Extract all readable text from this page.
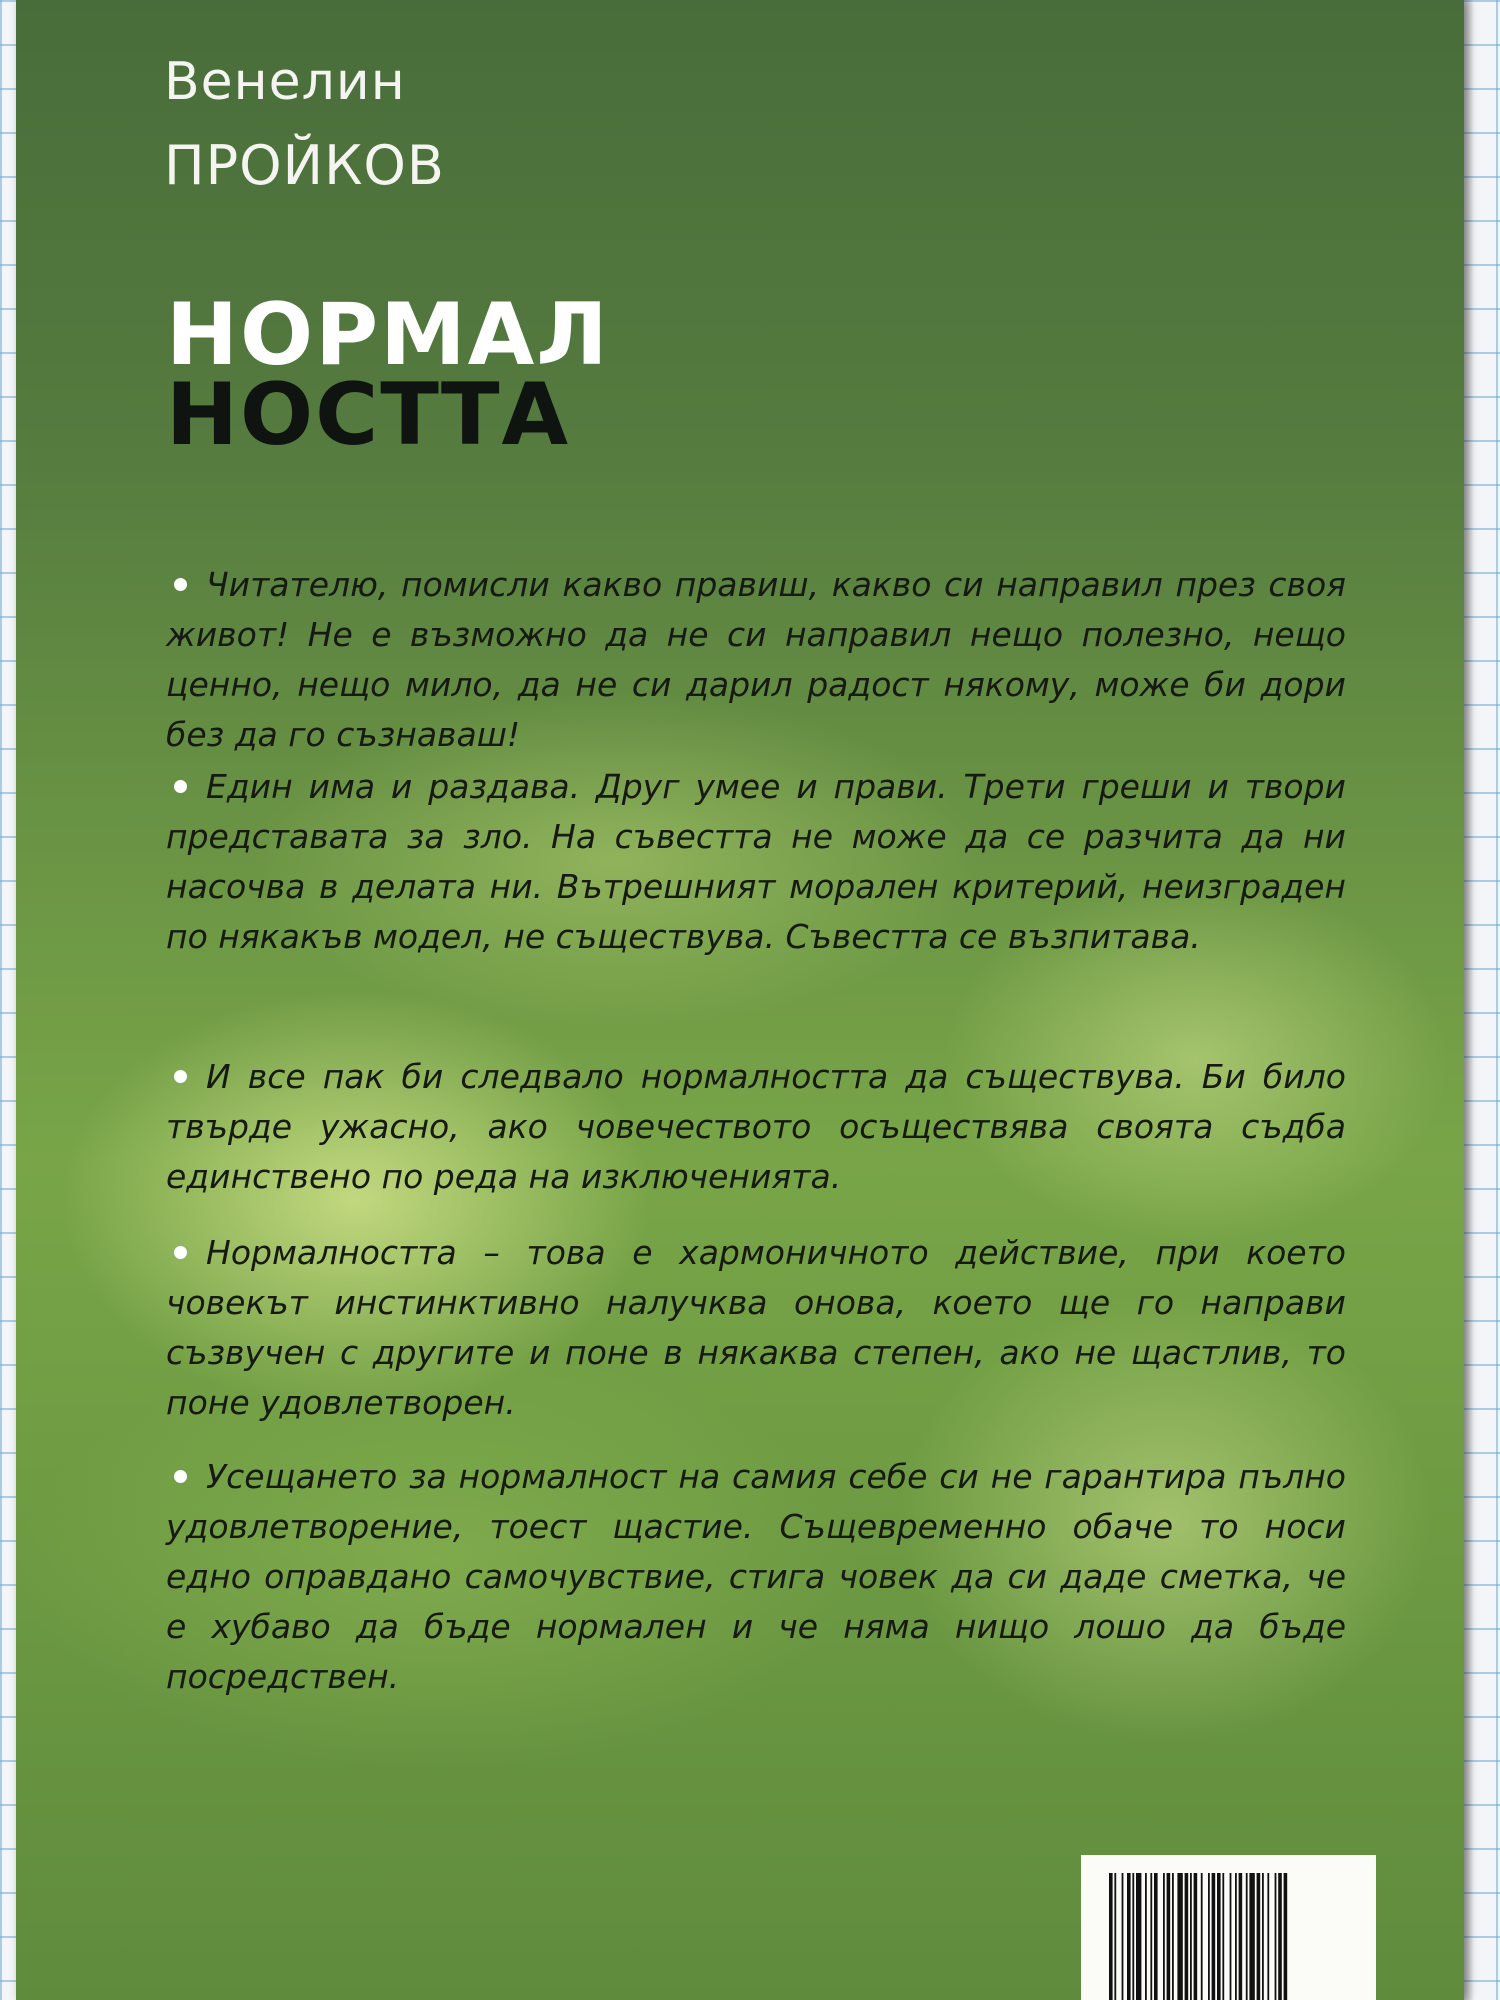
Венелин

ПРОЙКОВ

НОРМАЛ
НОСТТА
Читателю, помисли какво правиш, какво си направил през своя живот! Не е възможно да не си направил нещо полезно, нещо ценно, нещо мило, да не си дарил радост някому, може би дори без да го съзнаваш!
Един има и раздава. Друг умее и прави. Трети греши и твори представата за зло. На съвестта не може да се разчита да ни насочва в делата ни. Вътрешният морален критерий, неизграден по някакъв модел, не съществува. Съвестта се възпитава.
И все пак би следвало нормалността да съществува. Би било твърде ужасно, ако човечеството осъществява своята съдба единствено по реда на изключенията.
Нормалността – това е хармоничното действие, при което човекът инстинктивно налучква онова, което ще го направи съзвучен с другите и поне в някаква степен, ако не щастлив, то поне удовлетворен.
Усещането за нормалност на самия себе си не гарантира пълно удовлетворение, тоест щастие. Същевременно обаче то носи едно оправдано самочувствие, стига човек да си даде сметка, че е хубаво да бъде нормален и че няма нищо лошо да бъде посредствен.
